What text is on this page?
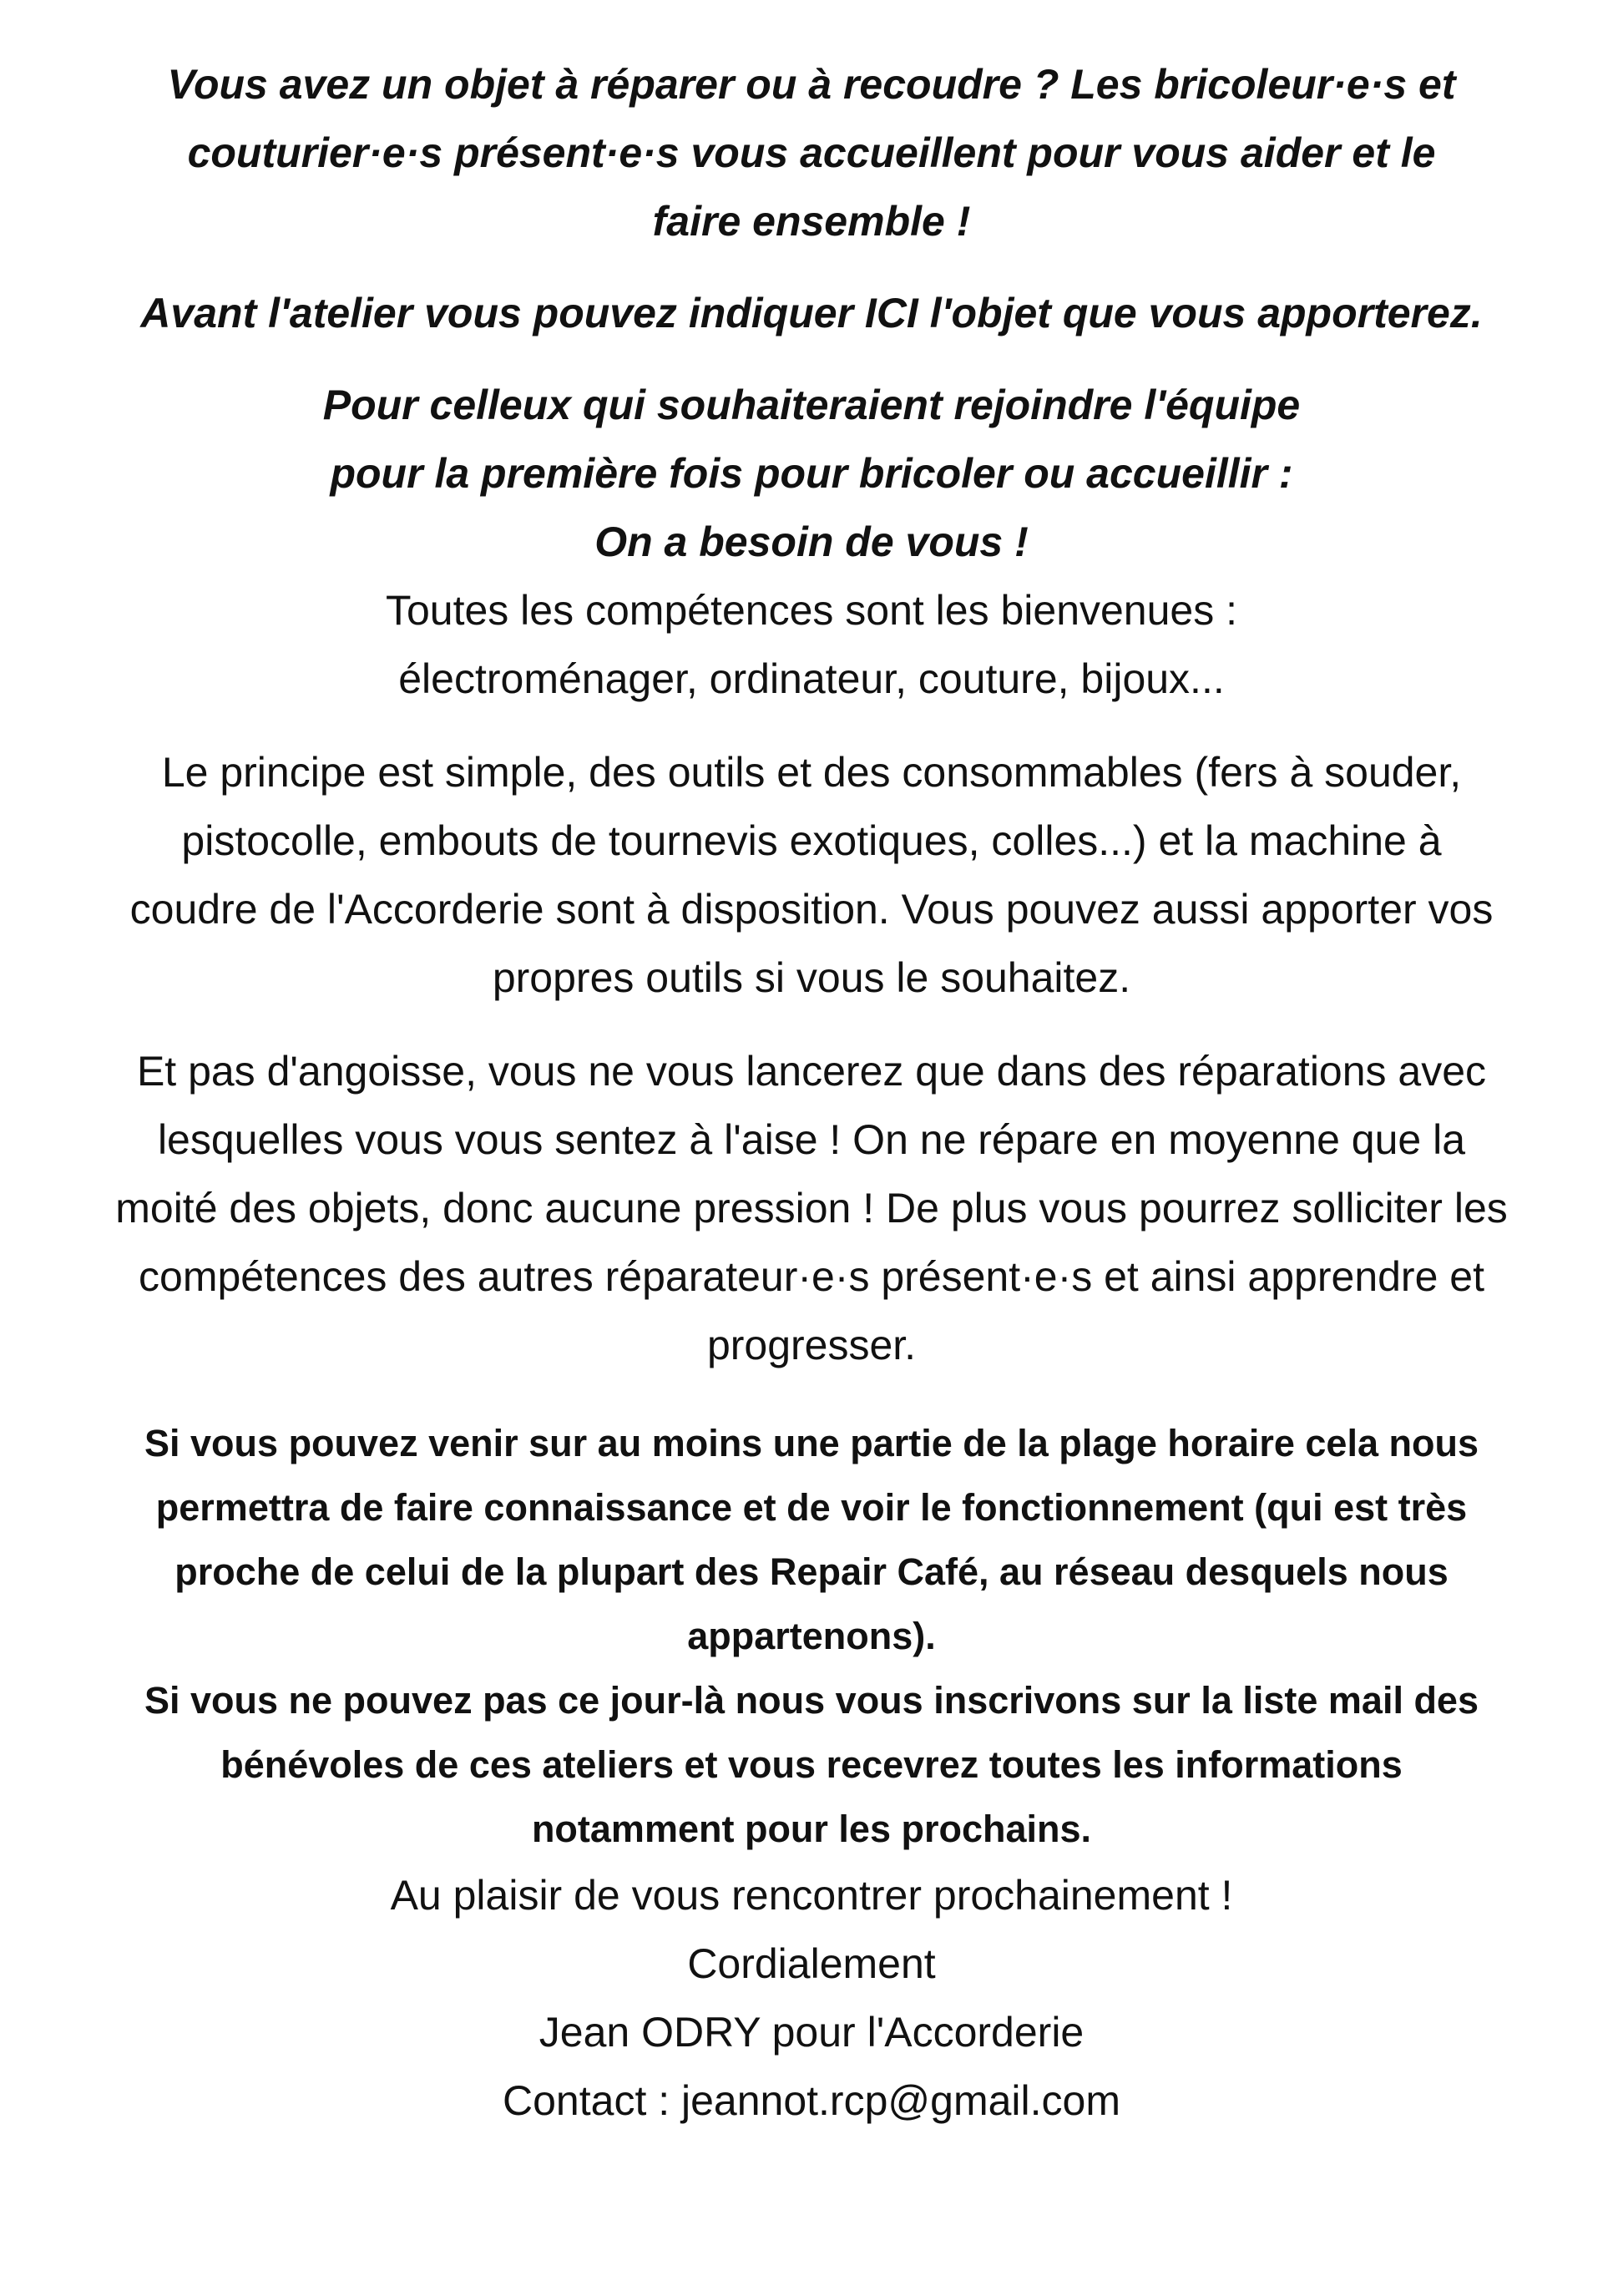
Vous avez un objet à réparer ou à recoudre ? Les bricoleur·e·s et
couturier·e·s présent·e·s vous accueillent pour vous aider et le
faire ensemble !
Avant l'atelier vous pouvez indiquer ICI l'objet que vous apporterez.
Pour celleux qui souhaiteraient rejoindre l'équipe
pour la première fois pour bricoler ou accueillir :
On a besoin de vous !
Toutes les compétences sont les bienvenues :
électroménager, ordinateur, couture, bijoux...
Le principe est simple, des outils et des consommables (fers à souder,
pistocolle, embouts de tournevis exotiques, colles...) et la machine à
coudre de l'Accorderie sont à disposition. Vous pouvez aussi apporter vos
propres outils si vous le souhaitez.
Et pas d'angoisse, vous ne vous lancerez que dans des réparations avec
lesquelles vous vous sentez à l'aise ! On ne répare en moyenne que la
moité des objets, donc aucune pression ! De plus vous pourrez solliciter les
compétences des autres réparateur·e·s présent·e·s et ainsi apprendre et
progresser.
Si vous pouvez venir sur au moins une partie de la plage horaire cela nous
permettra de faire connaissance et de voir le fonctionnement (qui est très
proche de celui de la plupart des Repair Café, au réseau desquels nous
appartenons).
Si vous ne pouvez pas ce jour-là nous vous inscrivons sur la liste mail des
bénévoles de ces ateliers et vous recevrez toutes les informations
notamment pour les prochains.
Au plaisir de vous rencontrer prochainement !
Cordialement
Jean ODRY pour l'Accorderie
Contact : jeannot.rcp@gmail.com
